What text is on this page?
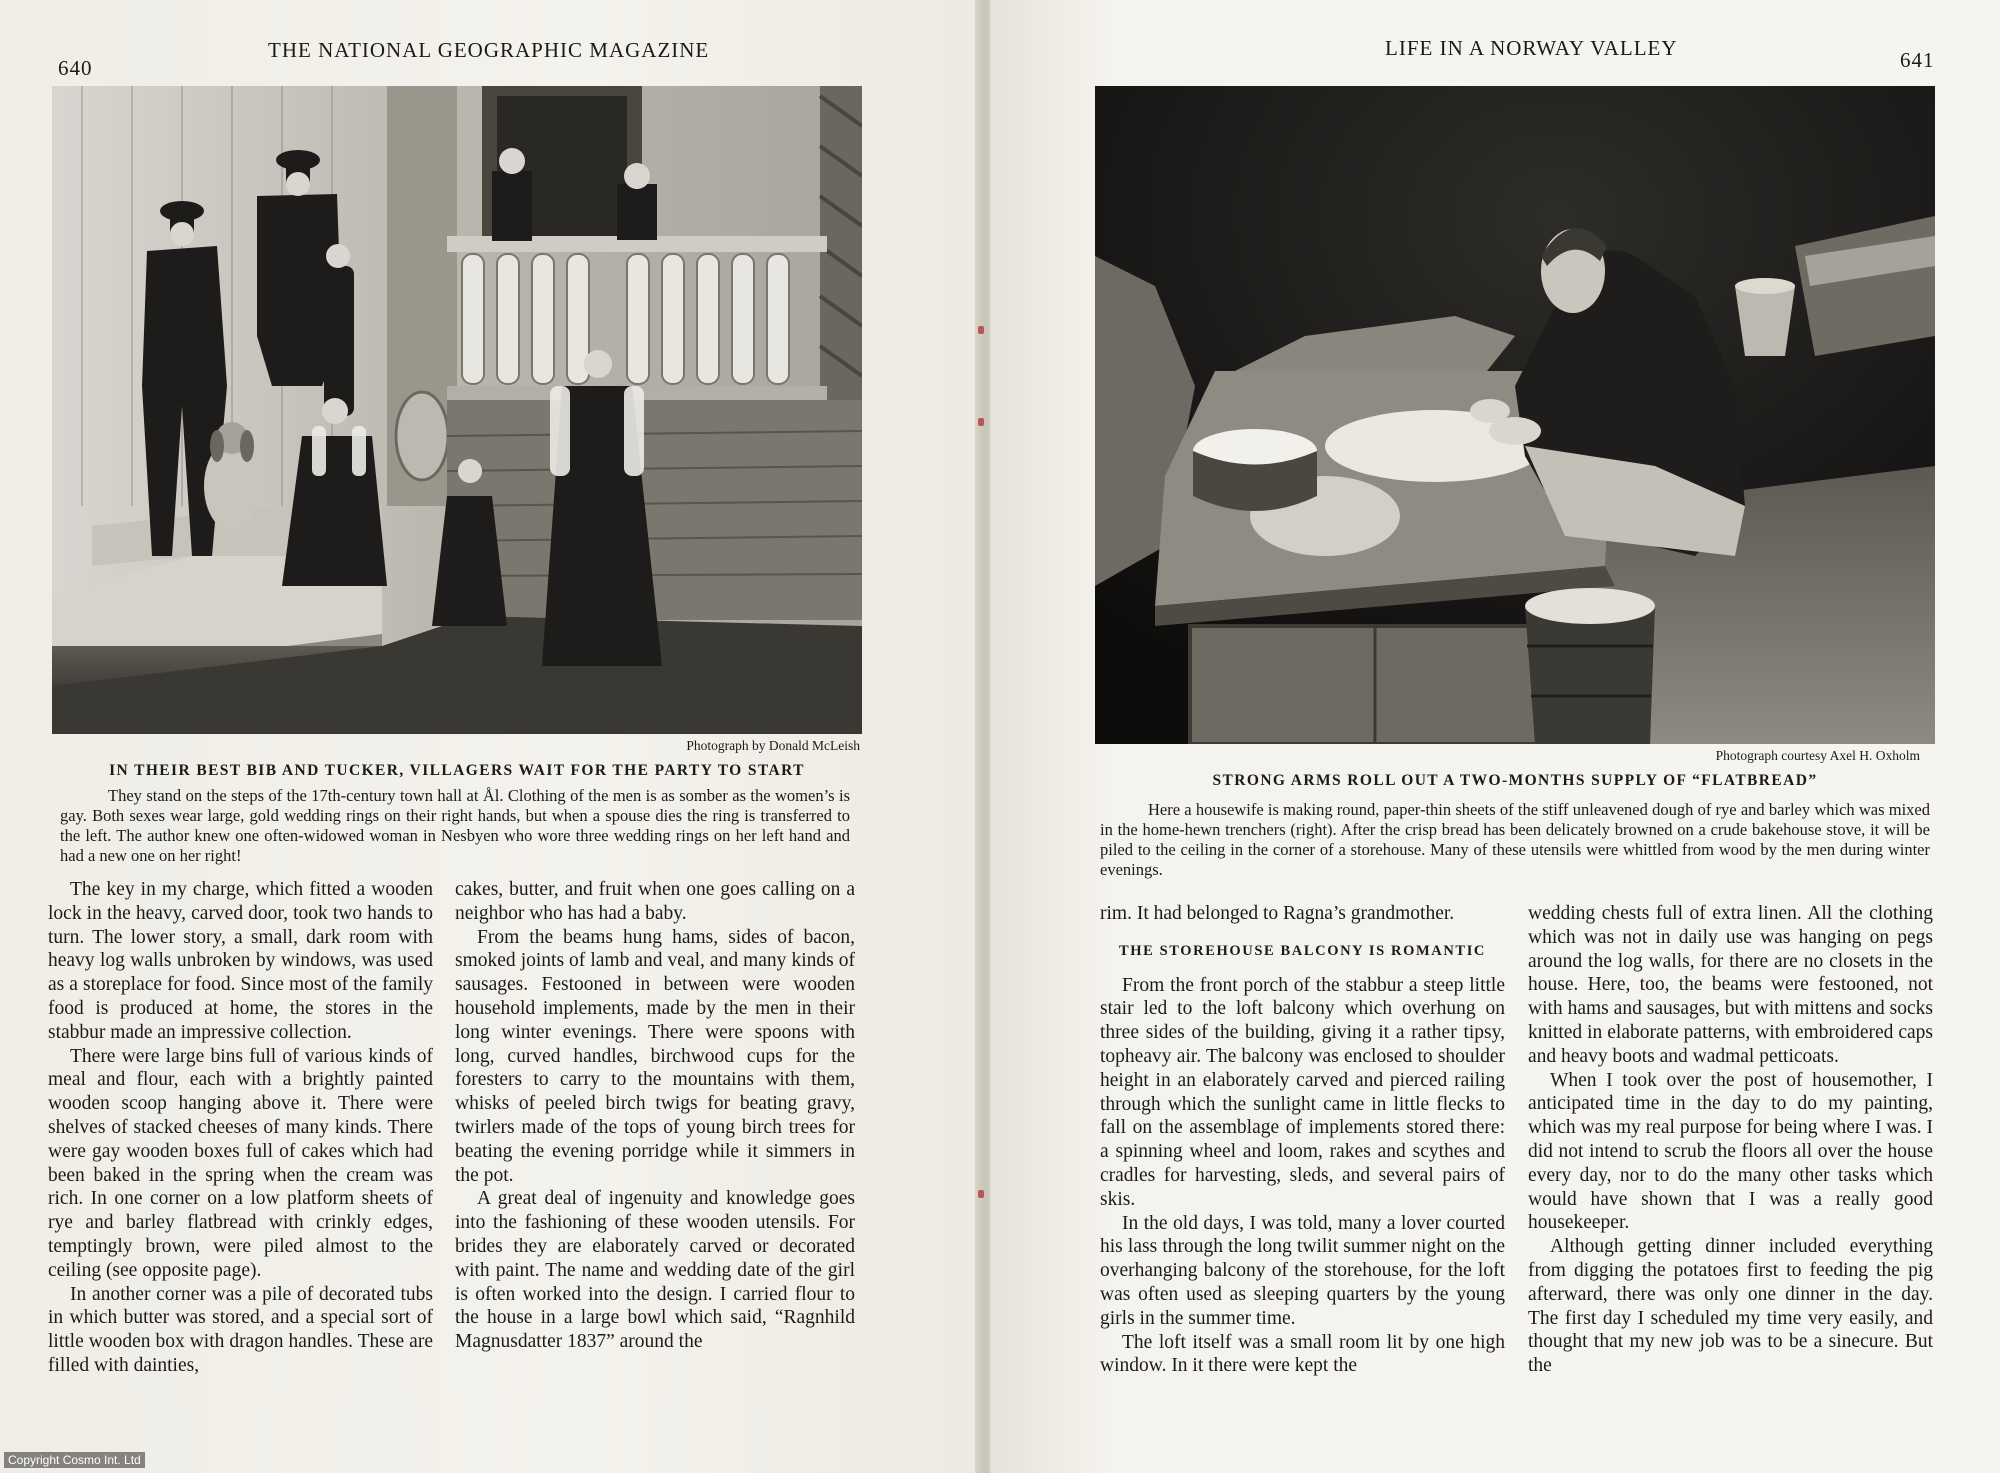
640
THE NATIONAL GEOGRAPHIC MAGAZINE
Photograph by Donald McLeish
IN THEIR BEST BIB AND TUCKER, VILLAGERS WAIT FOR THE PARTY TO START
They stand on the steps of the 17th-century town hall at Ål. Clothing of the men is as somber as the women’s is gay. Both sexes wear large, gold wedding rings on their right hands, but when a spouse dies the ring is transferred to the left. The author knew one often-widowed woman in Nesbyen who wore three wedding rings on her left hand and had a new one on her right!

The key in my charge, which fitted a wooden lock in the heavy, carved door, took two hands to turn. The lower story, a small, dark room with heavy log walls unbroken by windows, was used as a storeplace for food. Since most of the family food is produced at home, the stores in the stabbur made an impressive collection.

There were large bins full of various kinds of meal and flour, each with a brightly painted wooden scoop hanging above it. There were shelves of stacked cheeses of many kinds. There were gay wooden boxes full of cakes which had been baked in the spring when the cream was rich. In one corner on a low platform sheets of rye and barley flatbread with crinkly edges, temptingly brown, were piled almost to the ceiling (see opposite page).

In another corner was a pile of decorated tubs in which butter was stored, and a special sort of little wooden box with dragon handles. These are filled with dainties,

cakes, butter, and fruit when one goes calling on a neighbor who has had a baby.

From the beams hung hams, sides of bacon, smoked joints of lamb and veal, and many kinds of sausages. Festooned in between were wooden household implements, made by the men in their long winter evenings. There were spoons with long, curved handles, birchwood cups for the foresters to carry to the mountains with them, whisks of peeled birch twigs for beating gravy, twirlers made of the tops of young birch trees for beating the evening porridge while it simmers in the pot.

A great deal of ingenuity and knowledge goes into the fashioning of these wooden utensils. For brides they are elaborately carved or decorated with paint. The name and wedding date of the girl is often worked into the design. I carried flour to the house in a large bowl which said, “Ragnhild Magnusdatter 1837” around the

LIFE IN A NORWAY VALLEY	641
Photograph courtesy Axel H. Oxholm
STRONG ARMS ROLL OUT A TWO-MONTHS SUPPLY OF “FLATBREAD”
Here a housewife is making round, paper-thin sheets of the stiff unleavened dough of rye and barley which was mixed in the home-hewn trenchers (right). After the crisp bread has been delicately browned on a crude bakehouse stove, it will be piled to the ceiling in the corner of a storehouse. Many of these utensils were whittled from wood by the men during winter evenings.

rim. It had belonged to Ragna’s grandmother.

THE STOREHOUSE BALCONY IS ROMANTIC

From the front porch of the stabbur a steep little stair led to the loft balcony which overhung on three sides of the building, giving it a rather tipsy, topheavy air. The balcony was enclosed to shoulder height in an elaborately carved and pierced railing through which the sunlight came in little flecks to fall on the assemblage of implements stored there: a spinning wheel and loom, rakes and scythes and cradles for harvesting, sleds, and several pairs of skis.

In the old days, I was told, many a lover courted his lass through the long twilit summer night on the overhanging balcony of the storehouse, for the loft was often used as sleeping quarters by the young girls in the summer time.

The loft itself was a small room lit by one high window. In it there were kept the

wedding chests full of extra linen. All the clothing which was not in daily use was hanging on pegs around the log walls, for there are no closets in the house. Here, too, the beams were festooned, not with hams and sausages, but with mittens and socks knitted in elaborate patterns, with embroidered caps and heavy boots and wadmal petticoats.

When I took over the post of housemother, I anticipated time in the day to do my painting, which was my real purpose for being where I was. I did not intend to scrub the floors all over the house every day, nor to do the many other tasks which would have shown that I was a really good housekeeper.

Although getting dinner included everything from digging the potatoes first to feeding the pig afterward, there was only one dinner in the day. The first day I scheduled my time very easily, and thought that my new job was to be a sinecure. But the

Copyright Cosmo Int. Ltd
